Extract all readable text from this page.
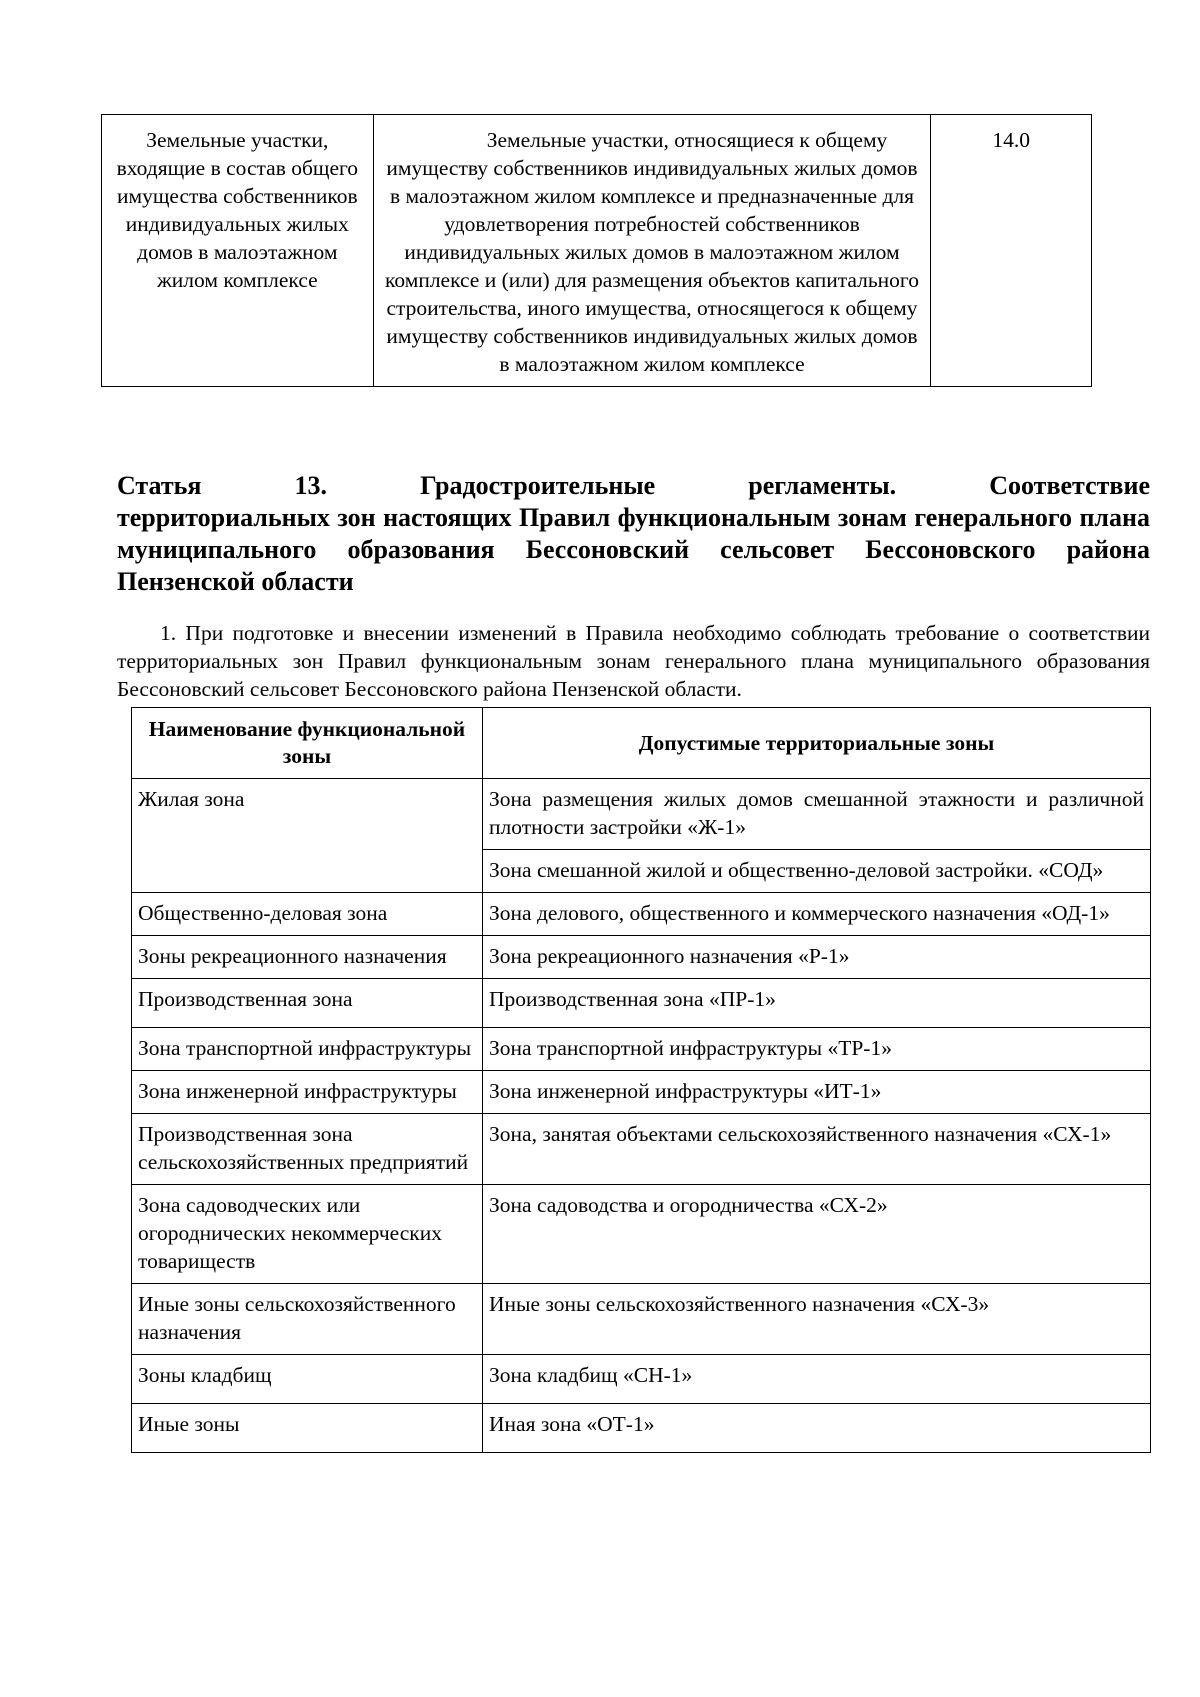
Земельные участки, входящие в состав общего имущества собственников индивидуальных жилых домов в малоэтажном жилом комплексе	Земельные участки, относящиеся к общему имуществу собственников индивидуальных жилых домов в малоэтажном жилом комплексе и предназначенные для удовлетворения потребностей собственников индивидуальных жилых домов в малоэтажном жилом комплексе и (или) для размещения объектов капитального строительства, иного имущества, относящегося к общему имуществу собственников индивидуальных жилых домов в малоэтажном жилом комплексе	14.0
Статья 13. Градостроительные регламенты. Соответствие
территориальных зон настоящих Правил функциональным зонам генерального плана муниципального образования Бессоновский сельсовет Бессоновского района Пензенской области
1. При подготовке и внесении изменений в Правила необходимо соблюдать требование о соответствии территориальных зон Правил функциональным зонам генерального плана муниципального образования Бессоновский сельсовет Бессоновского района Пензенской области.
Наименование функциональной зоны	Допустимые территориальные зоны
Жилая зона	Зона размещения жилых домов смешанной этажности и различной плотности застройки «Ж-1»
	Зона смешанной жилой и общественно-деловой застройки. «СОД»
Общественно-деловая зона	Зона делового, общественного и коммерческого назначения «ОД-1»
Зоны рекреационного назначения	Зона рекреационного назначения «Р-1»
Производственная зона	Производственная зона «ПР-1»
Зона транспортной инфраструктуры	Зона транспортной инфраструктуры «ТР-1»
Зона инженерной инфраструктуры	Зона инженерной инфраструктуры «ИТ-1»
Производственная зона сельскохозяйственных предприятий	Зона, занятая объектами сельскохозяйственного назначения «СХ-1»
Зона садоводческих или огороднических некоммерческих товариществ	Зона садоводства и огородничества «СХ-2»
Иные зоны сельскохозяйственного назначения	Иные зоны сельскохозяйственного назначения «СХ-3»
Зоны кладбищ	Зона кладбищ «СН-1»
Иные зоны	Иная зона «ОТ-1»
